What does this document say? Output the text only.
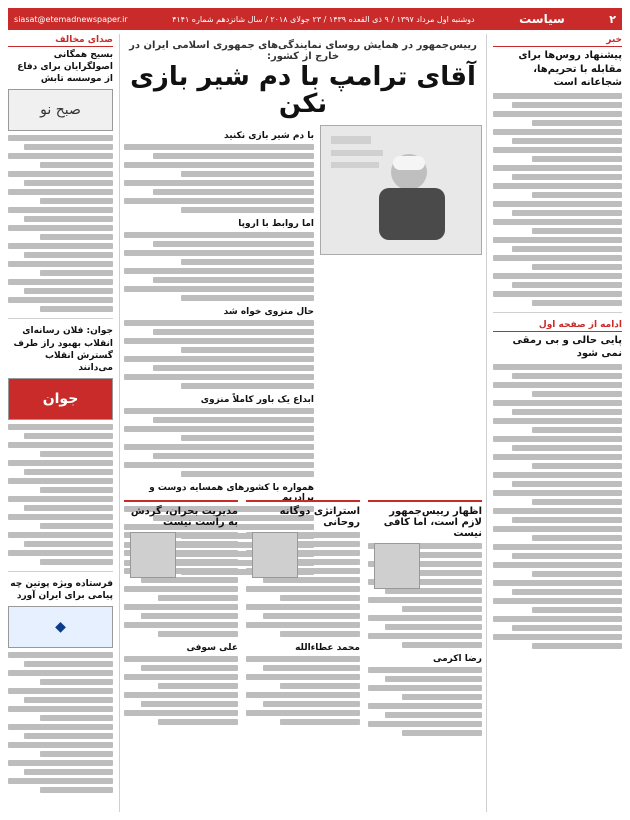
۲
سیاست
دوشنبه اول مرداد ۱۳۹۷ / ۹ ذی القعده ۱۴۳۹ / ۲۳ جولای ۲۰۱۸ / سال شانزدهم شماره ۴۱۴۱
siasat@etemadnewspaper.ir
خبر
پیشنهاد روس‌ها برای مقابله با تحریم‌ها، شجاعانه است
ادامه از صفحه اول
پایی حالی و بی رمقی نمی شود
صدای مخالف
بسیج همگانی اصولگرایان برای دفاع از موسسه تابش
صبح نو
جوان: فلان رسانه‌ای انقلاب بهبود راز طرف گسترش انقلاب می‌دانند
جوان
فرستاده ویژه پوتین چه پیامی برای ایران آورد
◆
رییس‌جمهور در همایش روسای نمایندگی‌های جمهوری اسلامی ایران در خارج از کشور:
آقای ترامپ با دم شیر بازی نکن
با دم شیر بازی نکنید
اما روابط با اروپا
حال منزوی خواه شد
ابداع یک باور کاملاً منزوی
همواره با کشورهای همسایه دوست و برادریم
اظهار رییس‌جمهور لازم است، اما کافی نیست
رضا اکرمی
استراتژی دوگانه روحانی
محمد عطاء‌الله
مدیریت بحران، گردش به راست نیست
علی سوفی
